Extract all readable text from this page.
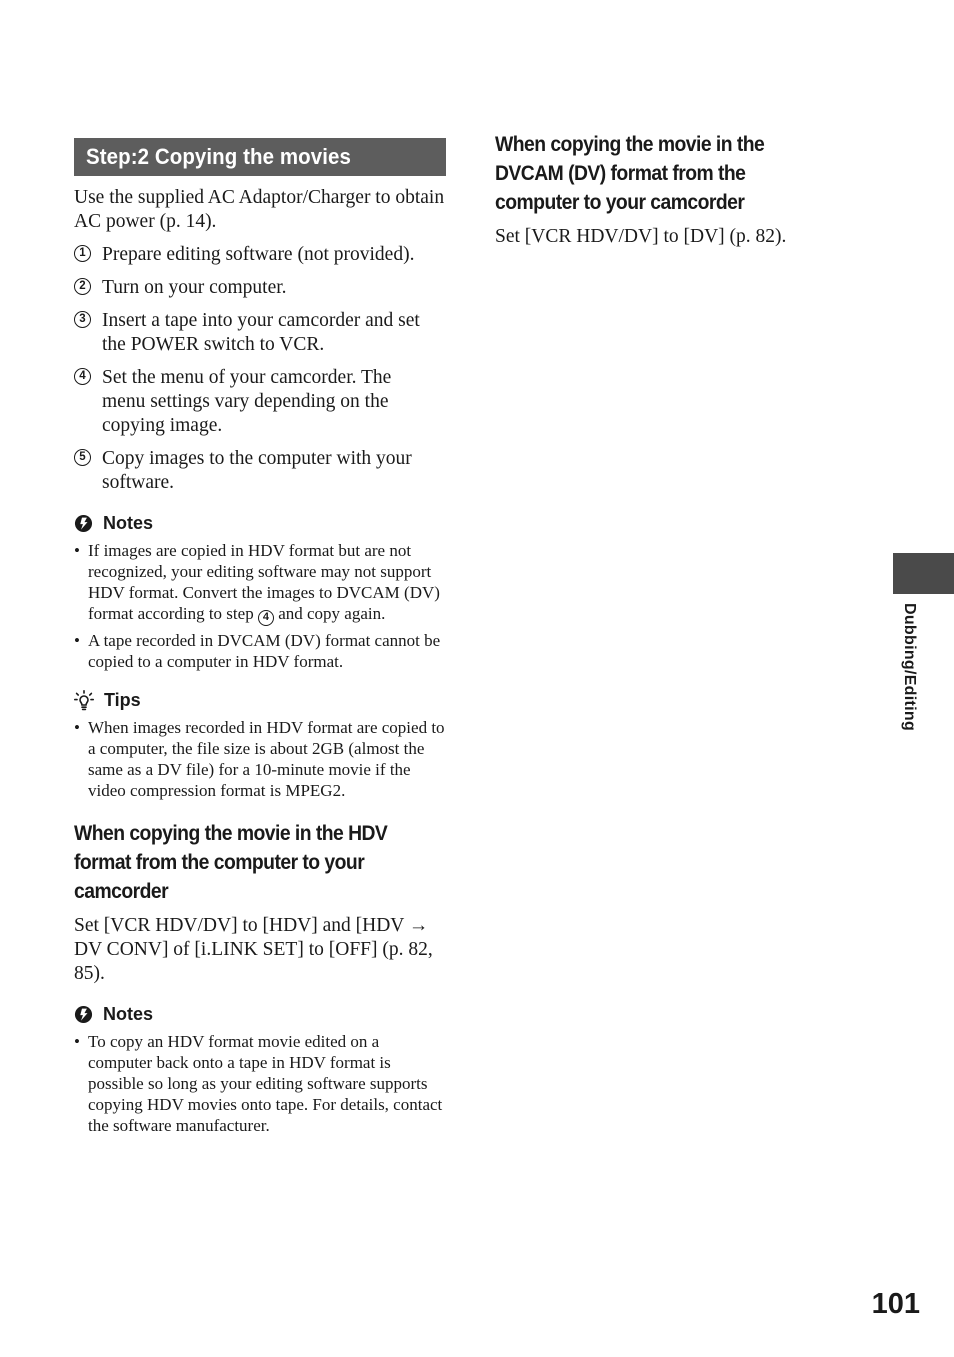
Step:2 Copying the movies

Use the supplied AC Adaptor/Charger to obtain AC power (p. 14).

1 Prepare editing software (not provided).
2 Turn on your computer.
3 Insert a tape into your camcorder and set the POWER switch to VCR.
4 Set the menu of your camcorder. The menu settings vary depending on the copying image.
5 Copy images to the computer with your software.
Notes
• If images are copied in HDV format but are not recognized, your editing software may not support HDV format. Convert the images to DVCAM (DV) format according to step 4 and copy again.
• A tape recorded in DVCAM (DV) format cannot be copied to a computer in HDV format.
Tips
• When images recorded in HDV format are copied to a computer, the file size is about 2GB (almost the same as a DV file) for a 10-minute movie if the video compression format is MPEG2.
When copying the movie in the HDV format from the computer to your camcorder

Set [VCR HDV/DV] to [HDV] and [HDV → DV CONV] of [i.LINK SET] to [OFF] (p. 82, 85).

Notes
• To copy an HDV format movie edited on a computer back onto a tape in HDV format is possible so long as your editing software supports copying HDV movies onto tape. For details, contact the software manufacturer.
When copying the movie in the DVCAM (DV) format from the computer to your camcorder

Set [VCR HDV/DV] to [DV] (p. 82).

Dubbing/Editing
101
